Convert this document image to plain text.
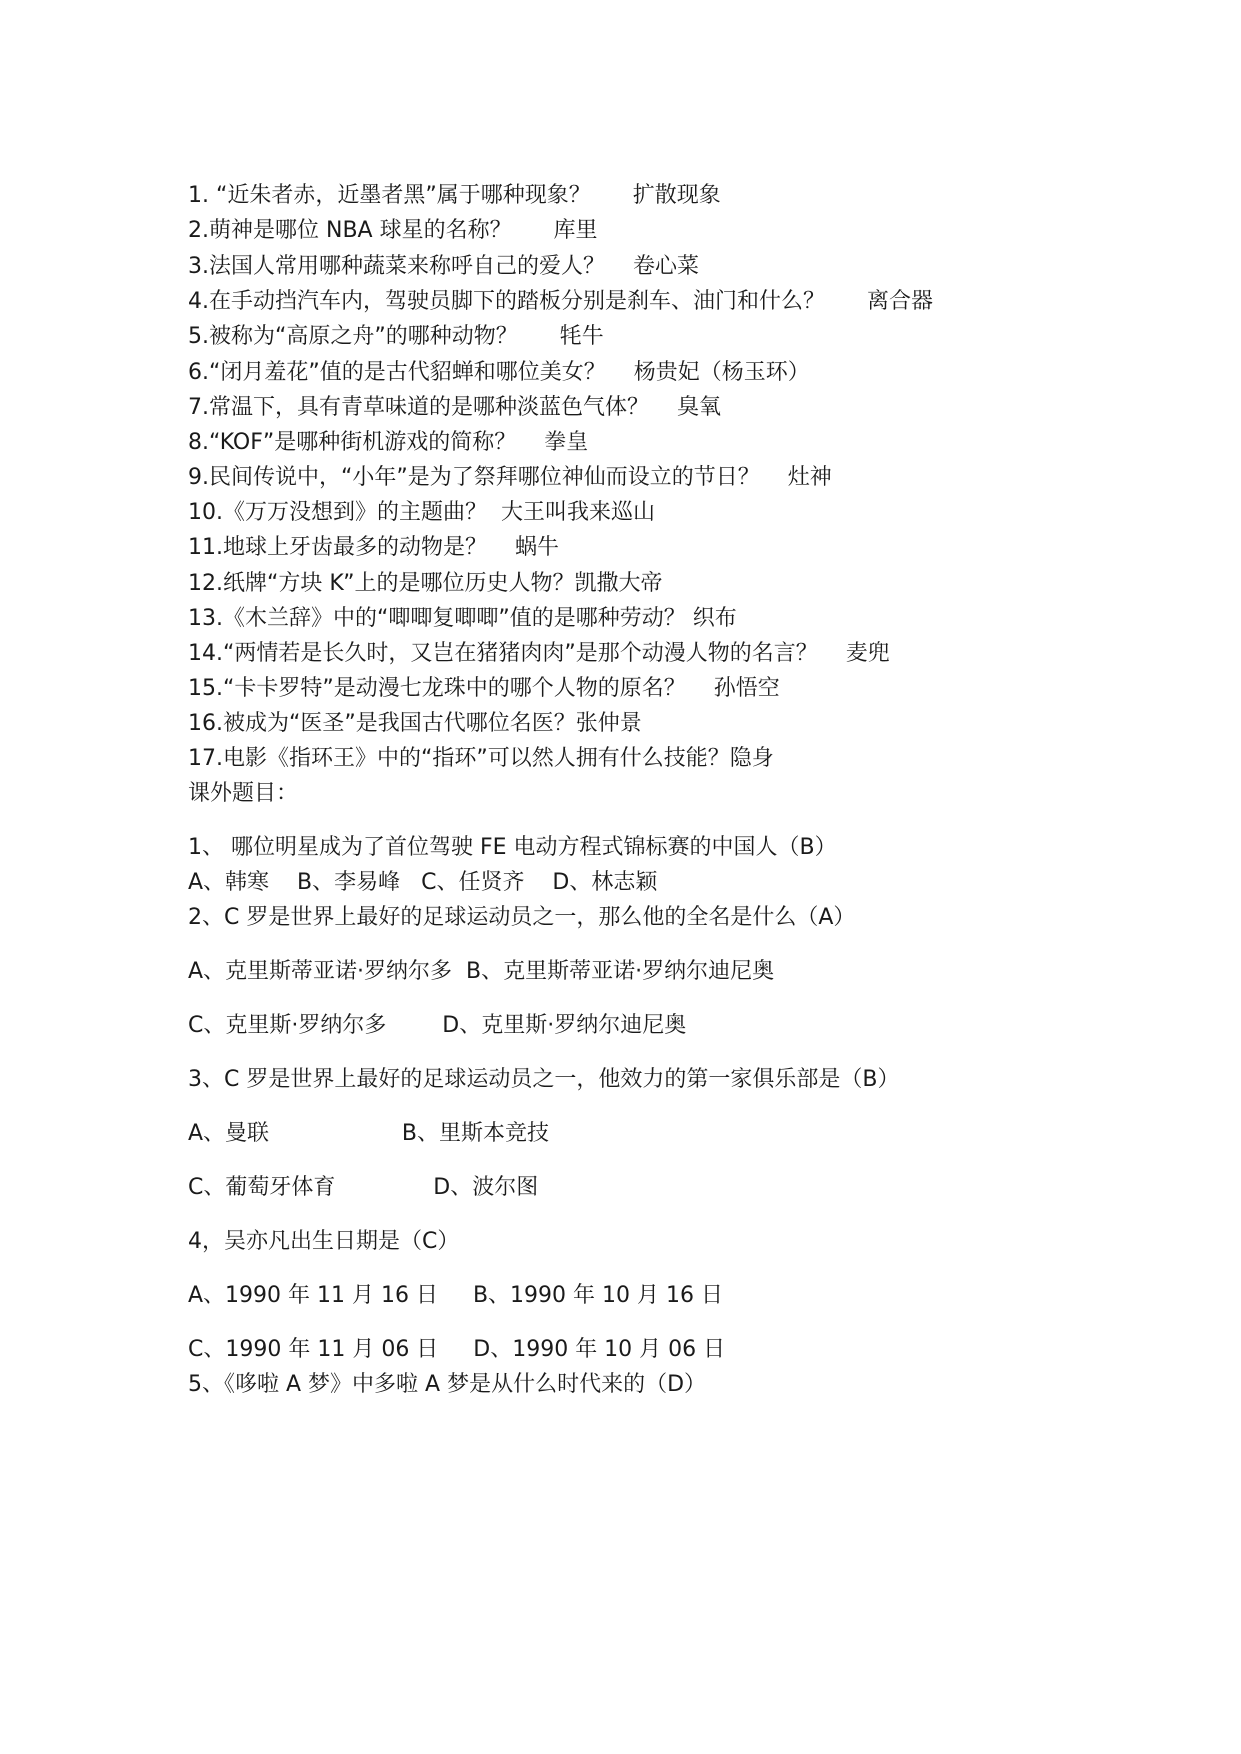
1. “近朱者赤，近墨者黑”属于哪种现象？      扩散现象
2.萌神是哪位 NBA 球星的名称？      库里
3.法国人常用哪种蔬菜来称呼自己的爱人？    卷心菜
4.在手动挡汽车内，驾驶员脚下的踏板分别是刹车、油门和什么？      离合器
5.被称为“高原之舟”的哪种动物？      牦牛
6.“闭月羞花”值的是古代貂蝉和哪位美女？    杨贵妃（杨玉环）
7.常温下，具有青草味道的是哪种淡蓝色气体？    臭氧
8.“KOF”是哪种街机游戏的简称？    拳皇
9.民间传说中，“小年”是为了祭拜哪位神仙而设立的节日？    灶神
10.《万万没想到》的主题曲？  大王叫我来巡山
11.地球上牙齿最多的动物是？    蜗牛
12.纸牌“方块 K”上的是哪位历史人物？凯撒大帝
13.《木兰辞》中的“唧唧复唧唧”值的是哪种劳动？ 织布
14.“两情若是长久时，又岂在猪猪肉肉”是那个动漫人物的名言？    麦兜
15.“卡卡罗特”是动漫七龙珠中的哪个人物的原名？    孙悟空
16.被成为“医圣”是我国古代哪位名医？张仲景
17.电影《指环王》中的“指环”可以然人拥有什么技能？隐身
课外题目：
1、 哪位明星成为了首位驾驶 FE 电动方程式锦标赛的中国人（B）
A、韩寒    B、李易峰   C、任贤齐    D、林志颖
2、C 罗是世界上最好的足球运动员之一，那么他的全名是什么（A）
A、克里斯蒂亚诺·罗纳尔多  B、克里斯蒂亚诺·罗纳尔迪尼奥
C、克里斯·罗纳尔多        D、克里斯·罗纳尔迪尼奥
3、C 罗是世界上最好的足球运动员之一，他效力的第一家俱乐部是（B）
A、曼联                   B、里斯本竞技
C、葡萄牙体育              D、波尔图
4，吴亦凡出生日期是（C）
A、1990 年 11 月 16 日     B、1990 年 10 月 16 日
C、1990 年 11 月 06 日     D、1990 年 10 月 06 日
5、《哆啦 A 梦》中多啦 A 梦是从什么时代来的（D）
